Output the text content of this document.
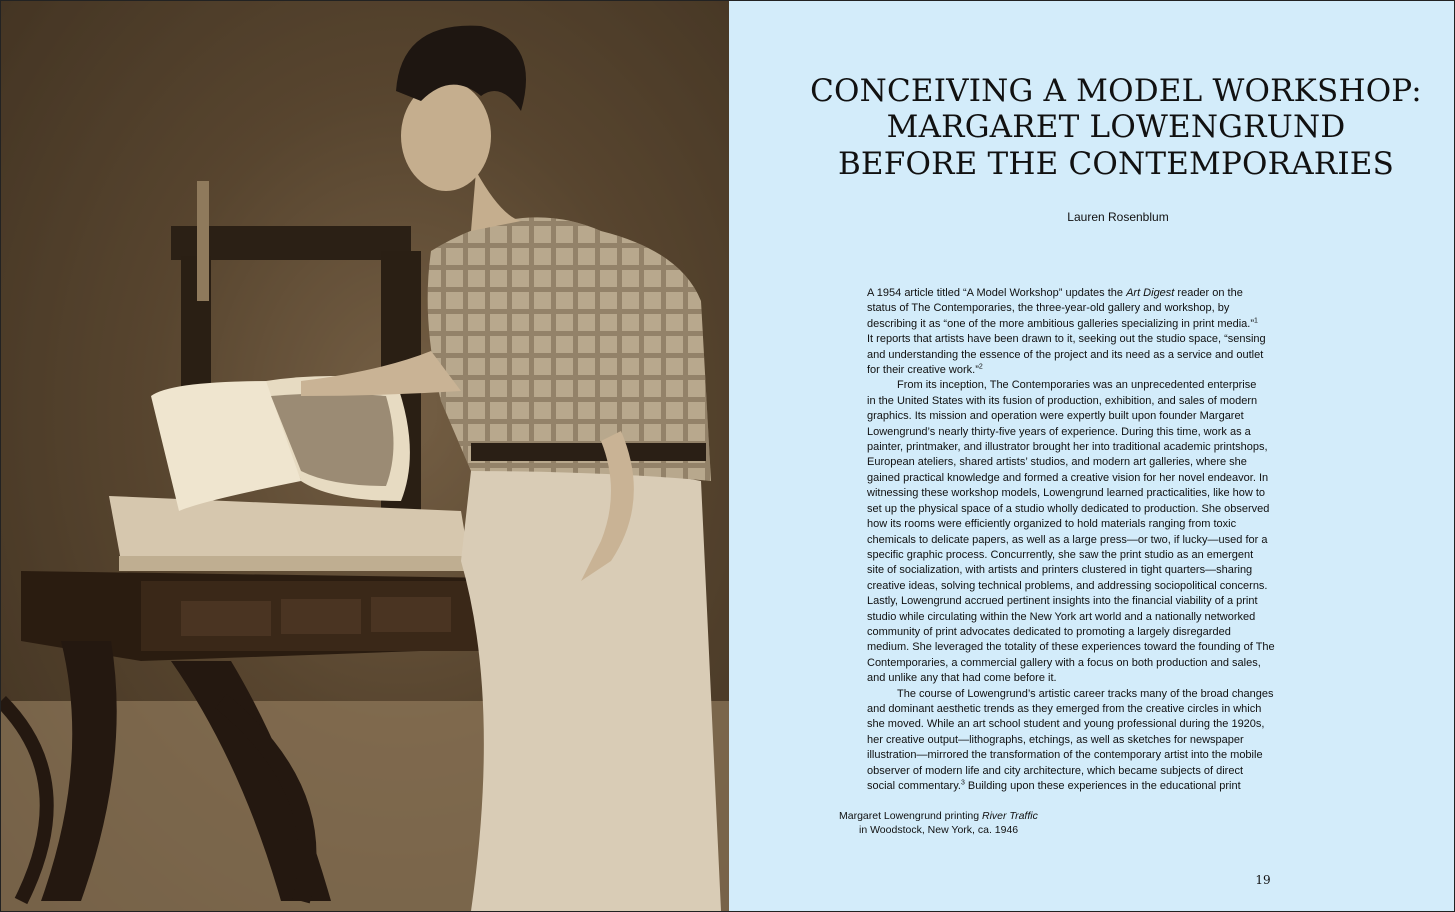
CONCEIVING A MODEL WORKSHOP:
MARGARET LOWENGRUND
BEFORE THE CONTEMPORARIES
Lauren Rosenblum
A 1954 article titled “A Model Workshop” updates the Art Digest reader on the
status of The Contemporaries, the three-year-old gallery and workshop, by
describing it as “one of the more ambitious galleries specializing in print media.”$^1$
It reports that artists have been drawn to it, seeking out the studio space, “sensing
and understanding the essence of the project and its need as a service and outlet
for their creative work.”$^2$
From its inception, The Contemporaries was an unprecedented enterprise
in the United States with its fusion of production, exhibition, and sales of modern
graphics. Its mission and operation were expertly built upon founder Margaret
Lowengrund’s nearly thirty-five years of experience. During this time, work as a
painter, printmaker, and illustrator brought her into traditional academic printshops,
European ateliers, shared artists’ studios, and modern art galleries, where she
gained practical knowledge and formed a creative vision for her novel endeavor. In
witnessing these workshop models, Lowengrund learned practicalities, like how to
set up the physical space of a studio wholly dedicated to production. She observed
how its rooms were efficiently organized to hold materials ranging from toxic
chemicals to delicate papers, as well as a large press—or two, if lucky—used for a
specific graphic process. Concurrently, she saw the print studio as an emergent
site of socialization, with artists and printers clustered in tight quarters—sharing
creative ideas, solving technical problems, and addressing sociopolitical concerns.
Lastly, Lowengrund accrued pertinent insights into the financial viability of a print
studio while circulating within the New York art world and a nationally networked
community of print advocates dedicated to promoting a largely disregarded
medium. She leveraged the totality of these experiences toward the founding of The
Contemporaries, a commercial gallery with a focus on both production and sales,
and unlike any that had come before it.
The course of Lowengrund’s artistic career tracks many of the broad changes
and dominant aesthetic trends as they emerged from the creative circles in which
she moved. While an art school student and young professional during the 1920s,
her creative output—lithographs, etchings, as well as sketches for newspaper
illustration—mirrored the transformation of the contemporary artist into the mobile
observer of modern life and city architecture, which became subjects of direct
social commentary.$^3$ Building upon these experiences in the educational print
Margaret Lowengrund printing River Traffic
in Woodstock, New York, ca. 1946
19
